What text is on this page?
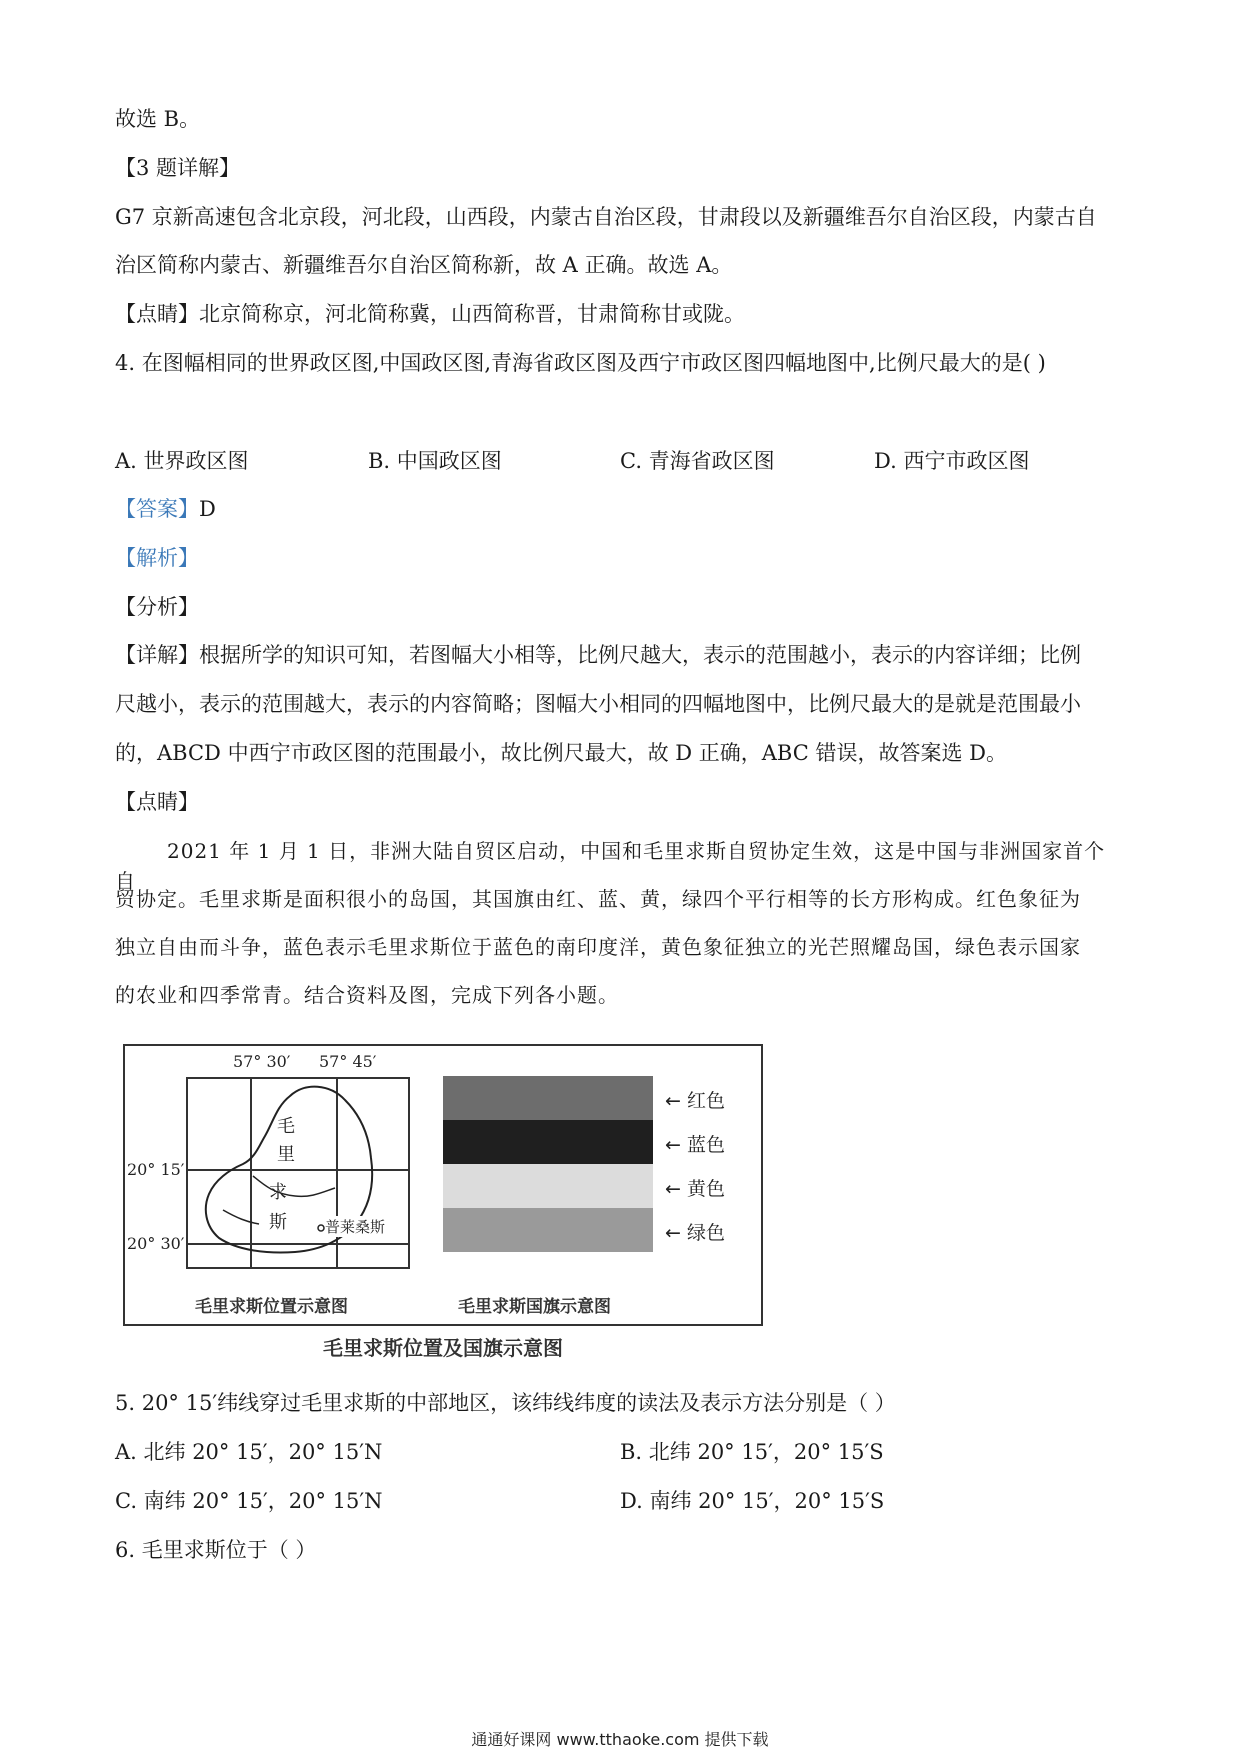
故选 B。
【3 题详解】
G7 京新高速包含北京段，河北段，山西段，内蒙古自治区段，甘肃段以及新疆维吾尔自治区段，内蒙古自
治区简称内蒙古、新疆维吾尔自治区简称新，故 A 正确。故选 A。
【点睛】北京简称京，河北简称冀，山西简称晋，甘肃简称甘或陇。
4. 在图幅相同的世界政区图,中国政区图,青海省政区图及西宁市政区图四幅地图中,比例尺最大的是( )
A. 世界政区图	B. 中国政区图	C. 青海省政区图	D. 西宁市政区图
【答案】D
【解析】
【分析】
【详解】根据所学的知识可知，若图幅大小相等，比例尺越大，表示的范围越小，表示的内容详细；比例
尺越小，表示的范围越大，表示的内容简略；图幅大小相同的四幅地图中，比例尺最大的是就是范围最小
的，ABCD 中西宁市政区图的范围最小，故比例尺最大，故 D 正确，ABC 错误，故答案选 D。
【点睛】
2021 年 1 月 1 日，非洲大陆自贸区启动，中国和毛里求斯自贸协定生效，这是中国与非洲国家首个自
贸协定。毛里求斯是面积很小的岛国，其国旗由红、蓝、黄，绿四个平行相等的长方形构成。红色象征为
独立自由而斗争，蓝色表示毛里求斯位于蓝色的南印度洋，黄色象征独立的光芒照耀岛国，绿色表示国家
的农业和四季常青。结合资料及图，完成下列各小题。
57° 30′ 57° 45′
20° 15′
20° 30′
毛
里
求
斯	普莱桑斯
← 红色
← 蓝色
← 黄色
← 绿色
毛里求斯位置示意图	毛里求斯国旗示意图
毛里求斯位置及国旗示意图
5. 20° 15′纬线穿过毛里求斯的中部地区，该纬线纬度的读法及表示方法分别是（ ）
A. 北纬 20° 15′，20° 15′N	B. 北纬 20° 15′，20° 15′S
C. 南纬 20° 15′，20° 15′N	D. 南纬 20° 15′，20° 15′S
6. 毛里求斯位于（ ）
通通好课网 www.tthaoke.com 提供下载
